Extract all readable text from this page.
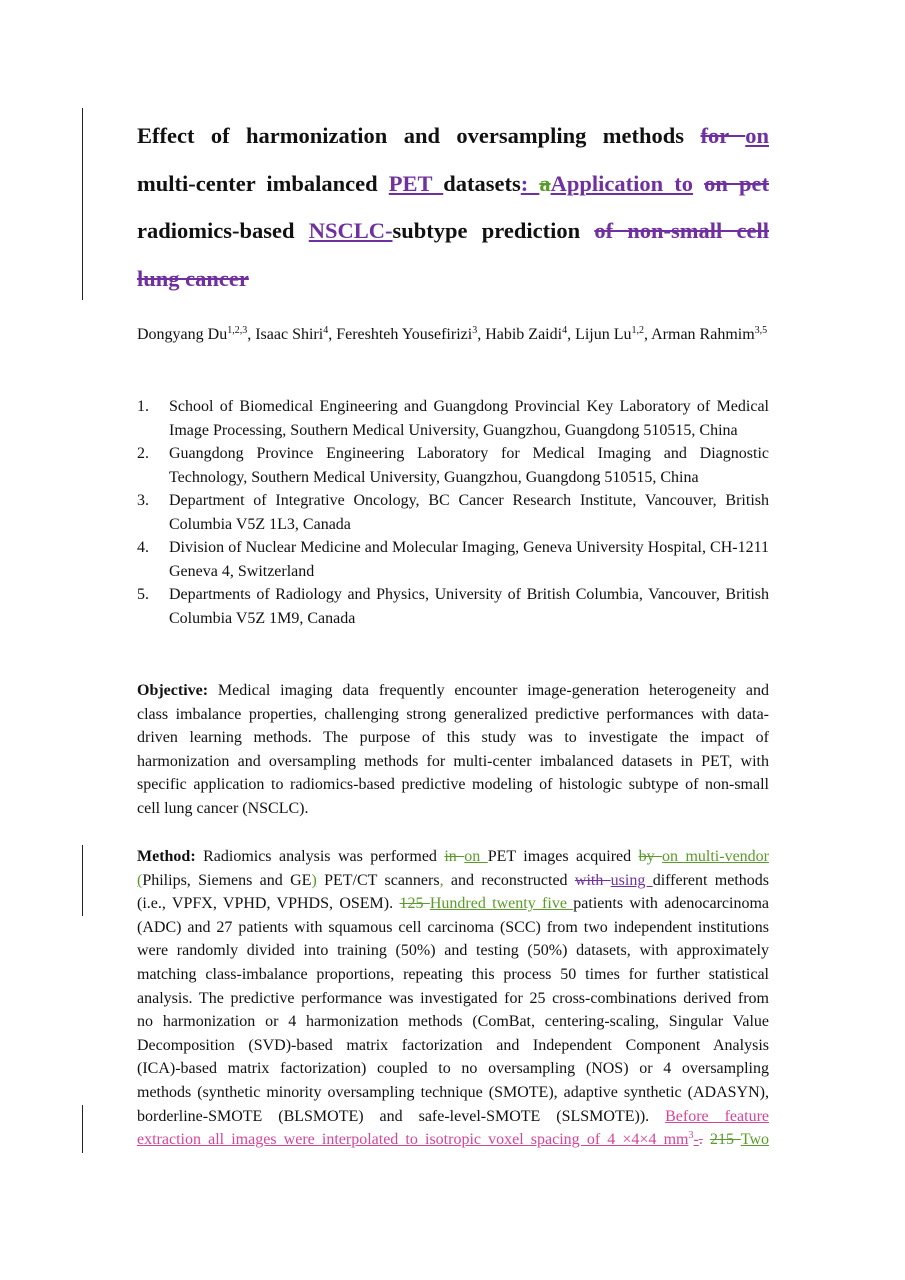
Effect of harmonization and oversampling methods for on
multi-center imbalanced PET datasets: aApplication to on pet
radiomics-based NSCLC-subtype prediction of non-small cell
lung cancer

Dongyang Du$^{1,2,3}$, Isaac Shiri$^4$, Fereshteh Yousefirizi$^3$, Habib Zaidi$^4$, Lijun Lu$^{1,2}$, Arman Rahmim$^{3,5}$

1. School of Biomedical Engineering and Guangdong Provincial Key Laboratory of Medical Image Processing, Southern Medical University, Guangzhou, Guangdong 510515, China
2. Guangdong Province Engineering Laboratory for Medical Imaging and Diagnostic Technology, Southern Medical University, Guangzhou, Guangdong 510515, China
3. Department of Integrative Oncology, BC Cancer Research Institute, Vancouver, British Columbia V5Z 1L3, Canada
4. Division of Nuclear Medicine and Molecular Imaging, Geneva University Hospital, CH-1211 Geneva 4, Switzerland
5. Departments of Radiology and Physics, University of British Columbia, Vancouver, British Columbia V5Z 1M9, Canada
Objective: Medical imaging data frequently encounter image-generation heterogeneity and
class imbalance properties, challenging strong generalized predictive performances with data-
driven learning methods. The purpose of this study was to investigate the impact of
harmonization and oversampling methods for multi-center imbalanced datasets in PET, with
specific application to radiomics-based predictive modeling of histologic subtype of non-small
cell lung cancer (NSCLC).
Method: Radiomics analysis was performed in on PET images acquired by on multi-vendor
(Philips, Siemens and GE) PET/CT scanners, and reconstructed with using different methods
(i.e., VPFX, VPHD, VPHDS, OSEM). 125 Hundred twenty five patients with adenocarcinoma
(ADC) and 27 patients with squamous cell carcinoma (SCC) from two independent institutions
were randomly divided into training (50%) and testing (50%) datasets, with approximately
matching class-imbalance proportions, repeating this process 50 times for further statistical
analysis. The predictive performance was investigated for 25 cross-combinations derived from
no harmonization or 4 harmonization methods (ComBat, centering-scaling, Singular Value
Decomposition (SVD)-based matrix factorization and Independent Component Analysis
(ICA)-based matrix factorization) coupled to no oversampling (NOS) or 4 oversampling
methods (synthetic minority oversampling technique (SMOTE), adaptive synthetic (ADASYN),
borderline-SMOTE (BLSMOTE) and safe-level-SMOTE (SLSMOTE)). Before feature
extraction all images were interpolated to isotropic voxel spacing of 4 ×4×4 $mm^3-$. 215 Two
